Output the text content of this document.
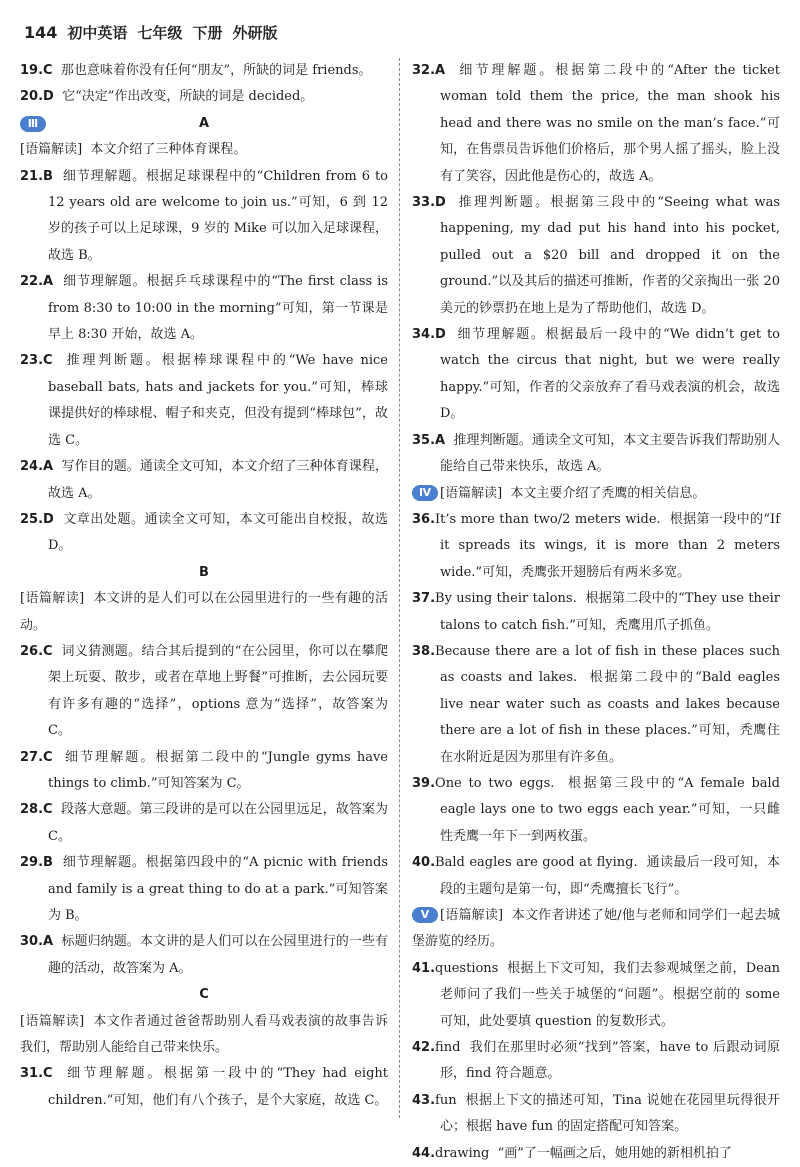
144 初中英语 七年级 下册 外研版

19.C 那也意味着你没有任何“朋友”，所缺的词是 friends。

20.D 它“决定”作出改变，所缺的词是 decided。

Ⅲ	A

[语篇解读] 本文介绍了三种体育课程。

21.B 细节理解题。根据足球课程中的“Children from 6 to 12 years old are welcome to join us.”可知，6 到 12 岁的孩子可以上足球课，9 岁的 Mike 可以加入足球课程，故选 B。

22.A 细节理解题。根据乒乓球课程中的“The first class is from 8:30 to 10:00 in the morning”可知，第一节课是早上 8:30 开始，故选 A。

23.C 推理判断题。根据棒球课程中的“We have nice baseball bats, hats and jackets for you.”可知，棒球课提供好的棒球棍、帽子和夹克，但没有提到“棒球包”，故选 C。

24.A 写作目的题。通读全文可知，本文介绍了三种体育课程，故选 A。

25.D 文章出处题。通读全文可知，本文可能出自校报，故选 D。

B

[语篇解读] 本文讲的是人们可以在公园里进行的一些有趣的活动。

26.C 词义猜测题。结合其后提到的“在公园里，你可以在攀爬架上玩耍、散步，或者在草地上野餐”可推断，去公园玩要有许多有趣的“选择”，options 意为“选择”，故答案为 C。

27.C 细节理解题。根据第二段中的“Jungle gyms have things to climb.”可知答案为 C。

28.C 段落大意题。第三段讲的是可以在公园里远足，故答案为 C。

29.B 细节理解题。根据第四段中的“A picnic with friends and family is a great thing to do at a park.”可知答案为 B。

30.A 标题归纳题。本文讲的是人们可以在公园里进行的一些有趣的活动，故答案为 A。

C

[语篇解读] 本文作者通过爸爸帮助别人看马戏表演的故事告诉我们，帮助别人能给自己带来快乐。

31.C 细节理解题。根据第一段中的“They had eight children.”可知，他们有八个孩子，是个大家庭，故选 C。

32.A 细节理解题。根据第二段中的“After the ticket woman told them the price, the man shook his head and there was no smile on the man’s face.”可知，在售票员告诉他们价格后，那个男人摇了摇头，脸上没有了笑容，因此他是伤心的，故选 A。

33.D 推理判断题。根据第三段中的“Seeing what was happening, my dad put his hand into his pocket, pulled out a $20 bill and dropped it on the ground.”以及其后的描述可推断，作者的父亲掏出一张 20 美元的钞票扔在地上是为了帮助他们，故选 D。

34.D 细节理解题。根据最后一段中的“We didn’t get to watch the circus that night, but we were really happy.”可知，作者的父亲放弃了看马戏表演的机会，故选 D。

35.A 推理判断题。通读全文可知，本文主要告诉我们帮助别人能给自己带来快乐，故选 A。

Ⅳ [语篇解读] 本文主要介绍了秃鹰的相关信息。

36.It’s more than two/2 meters wide. 根据第一段中的“If it spreads its wings, it is more than 2 meters wide.”可知，秃鹰张开翅膀后有两米多宽。

37.By using their talons. 根据第二段中的“They use their talons to catch fish.”可知，秃鹰用爪子抓鱼。

38.Because there are a lot of fish in these places such as coasts and lakes. 根据第二段中的“Bald eagles live near water such as coasts and lakes because there are a lot of fish in these places.”可知，秃鹰住在水附近是因为那里有许多鱼。

39.One to two eggs. 根据第三段中的“A female bald eagle lays one to two eggs each year.”可知，一只雌性秃鹰一年下一到两枚蛋。

40.Bald eagles are good at flying. 通读最后一段可知，本段的主题句是第一句，即“秃鹰擅长飞行”。

Ⅴ [语篇解读] 本文作者讲述了她/他与老师和同学们一起去城堡游览的经历。

41.questions 根据上下文可知，我们去参观城堡之前，Dean 老师问了我们一些关于城堡的“问题”。根据空前的 some 可知，此处要填 question 的复数形式。

42.find 我们在那里时必须“找到”答案，have to 后跟动词原形，find 符合题意。

43.fun 根据上下文的描述可知，Tina 说她在花园里玩得很开心；根据 have fun 的固定搭配可知答案。

44.drawing “画”了一幅画之后，她用她的新相机拍了
